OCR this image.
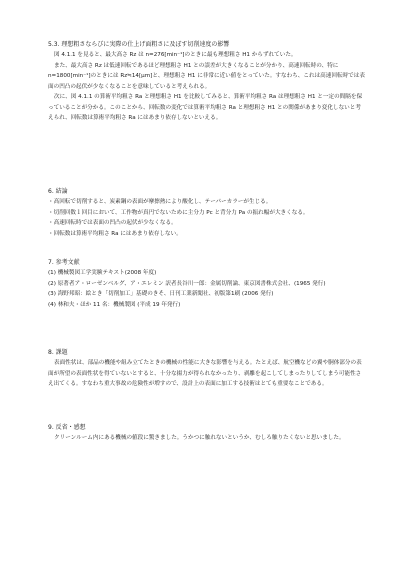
5.3. 理想粗さならびに実際の仕上げ面粗さに及ぼす切削速度の影響

図 4.1.1 を見ると、最大高さ Rz は n=276[min⁻¹]のときに最も理想粗さ H1 からずれていた。

また、最大高さ Rz は低速回転であるほど理想粗さ H1 との誤差が大きくなることが分かり、高速回転時の、特に n=1800[min⁻¹]のときには Rz≒14[μm]と、理想粗さ H1 に非常に近い値をとっていた。すなわち、これは高速回転時では表面の凹凸の起伏が少なくなることを意味していると考えられる。

次に、図 4.1.1 の算術平均粗さ Ra と理想粗さ H1 を比較してみると、算術平均粗さ Ra は理想粗さ H1 と一定の間隔を保っていることが分かる。このことから、回転数の変化では算術平均粗さ Ra と理想粗さ H1 との関係があまり変化しないと考えられ、回転数は算術平均粗さ Ra にはあまり依存しないといえる。

6. 結論
・高回転で切削すると、炭素鋼の表面が摩擦熱により酸化し、テーパーカラーが生じる。
・切削回数１回目において、工作物が真円でないために主分力 Pc と背分力 Pa の振れ幅が大きくなる。
・高速回転時では表面の凹凸の起伏が少なくなる。
・回転数は算術平均粗さ Ra にはあまり依存しない。
7. 参考文献
(1) 機械製図工学実験テキスト(2008 年度)
(2) 原著者ア・ローゼンベルグ、ア・エレミン 訳者長谷川一郎：金属切削論、東京図書株式会社、(1965 発行)
(3) 海野邦昭：絵とき「切削加工」基礎のきそ、日刊工業新聞社、初版第1刷 (2006 発行)
(4) 林和夫・ほか 11 名：機械製図 (平成 19 年発行)
8. 課題

表面性状は、部品の機能や組み立てたときの機械の性能に大きな影響を与える。たとえば、航空機などの翼や胴体部分の表面が所望の表面性状を得ていないとすると、十分な揚力が得られなかったり、剥離を起こしてしまったりしてしまう可能性さえ出てくる。すなわち重大事故の危険性が増すので、設計上の表面に加工する技術はとても重要なことである。

9. 反省・感想

クリーンルーム内にある機械の値段に驚きました。うかつに触れないというか、むしろ触りたくないと思いました。
